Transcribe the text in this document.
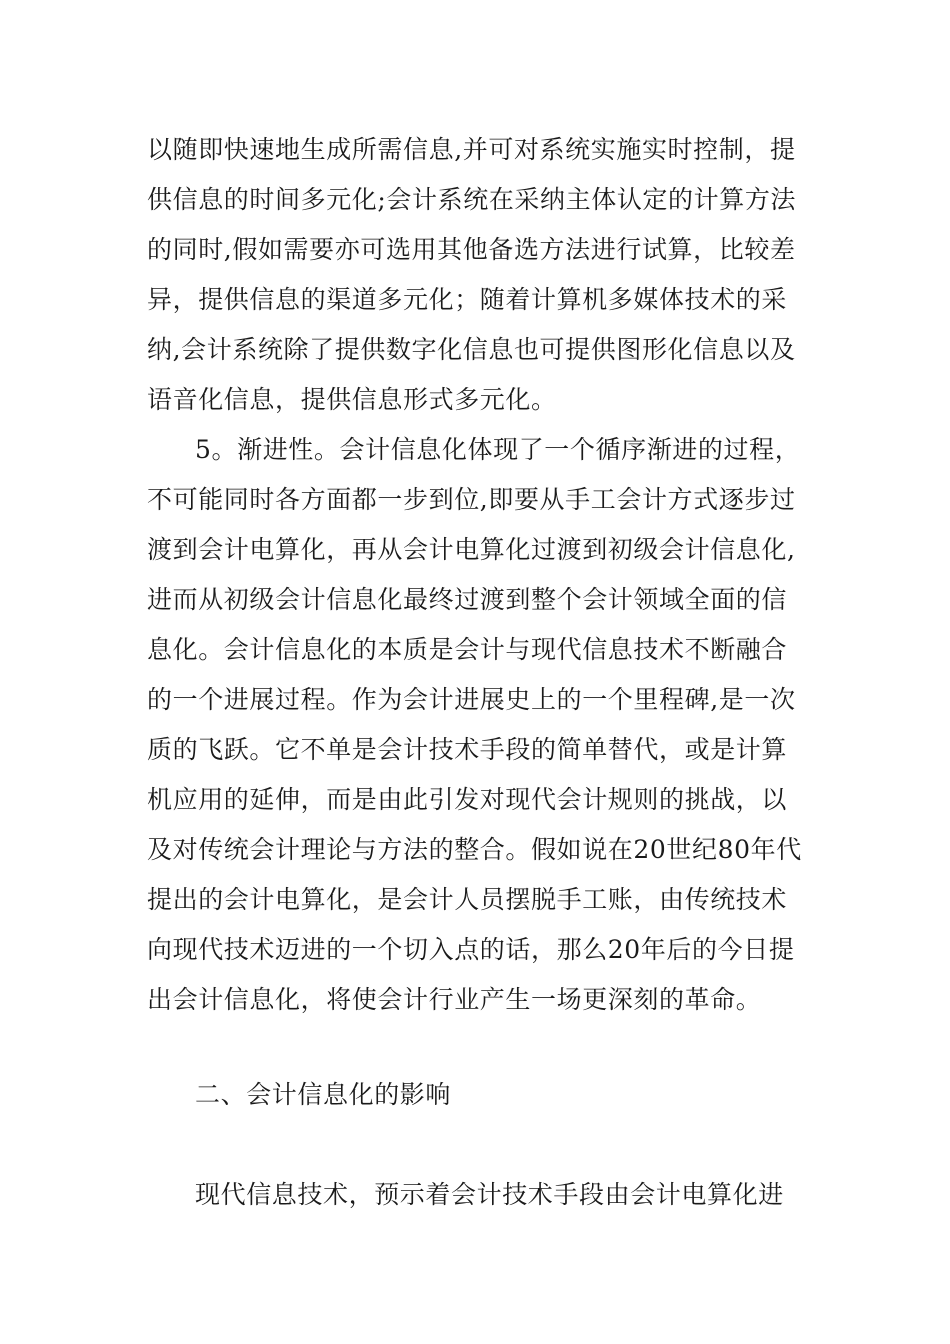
以随即快速地生成所需信息,并可对系统实施实时控制，提
供信息的时间多元化;会计系统在采纳主体认定的计算方法
的同时,假如需要亦可选用其他备选方法进行试算，比较差
异，提供信息的渠道多元化；随着计算机多媒体技术的采
纳,会计系统除了提供数字化信息也可提供图形化信息以及
语音化信息，提供信息形式多元化。
5。渐进性。会计信息化体现了一个循序渐进的过程，
不可能同时各方面都一步到位,即要从手工会计方式逐步过
渡到会计电算化，再从会计电算化过渡到初级会计信息化,
进而从初级会计信息化最终过渡到整个会计领域全面的信
息化。会计信息化的本质是会计与现代信息技术不断融合
的一个进展过程。作为会计进展史上的一个里程碑,是一次
质的飞跃。它不单是会计技术手段的简单替代，或是计算
机应用的延伸，而是由此引发对现代会计规则的挑战，以
及对传统会计理论与方法的整合。假如说在20世纪80年代
提出的会计电算化，是会计人员摆脱手工账，由传统技术
向现代技术迈进的一个切入点的话，那么20年后的今日提
出会计信息化，将使会计行业产生一场更深刻的革命。
二、会计信息化的影响
现代信息技术，预示着会计技术手段由会计电算化进
